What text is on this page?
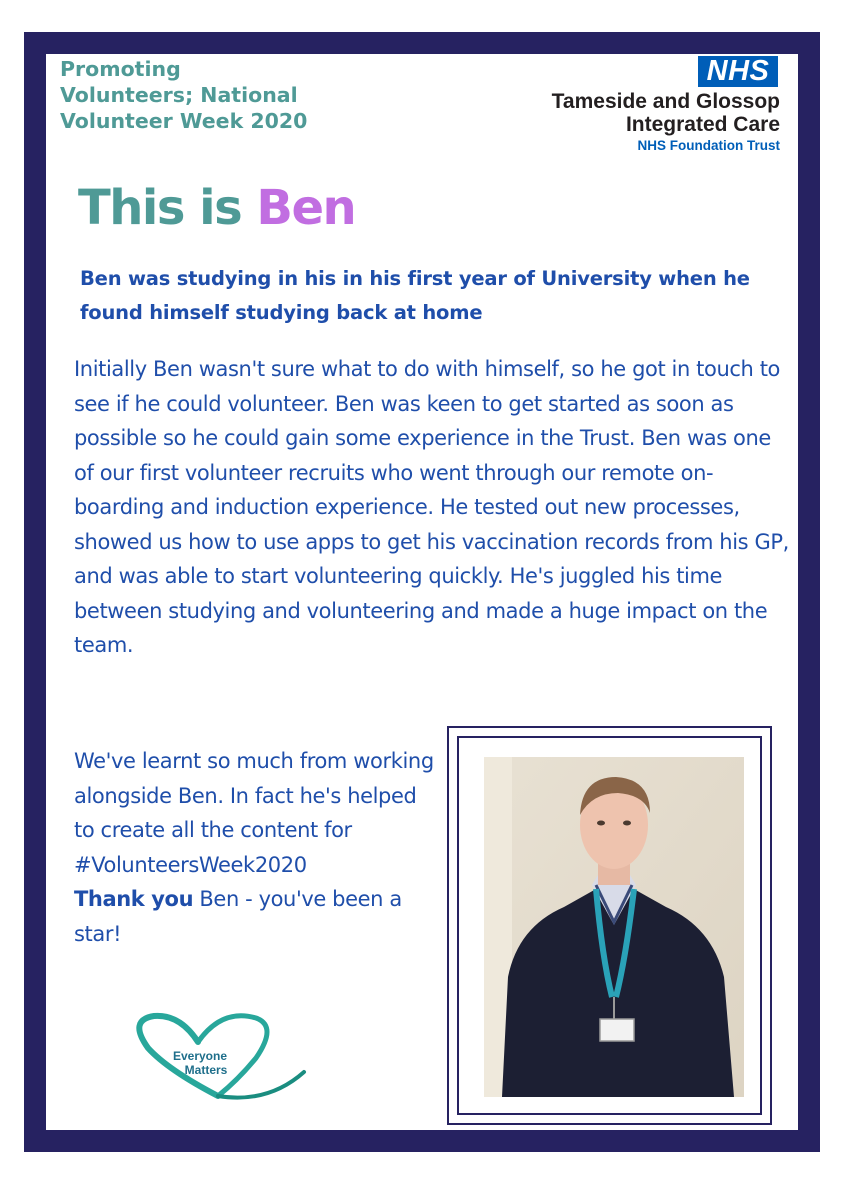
Promoting Volunteers; National Volunteer Week 2020

NHS
Tameside and Glossop
Integrated Care
NHS Foundation Trust
This is Ben

Ben was studying in his in his first year of University when he found himself studying back at home

Initially Ben wasn't sure what to do with himself, so he got in touch to see if he could volunteer. Ben was keen to get started as soon as possible so he could gain some experience in the Trust. Ben was one of our first volunteer recruits who went through our remote on-boarding and induction experience. He tested out new processes, showed us how to use apps to get his vaccination records from his GP, and was able to start volunteering quickly. He's juggled his time between studying and volunteering and made a huge impact on the team.

We've learnt so much from working alongside Ben. In fact he's helped to create all the content for #VolunteersWeek2020
Thank you Ben - you've been a star!

Everyone
Matters
